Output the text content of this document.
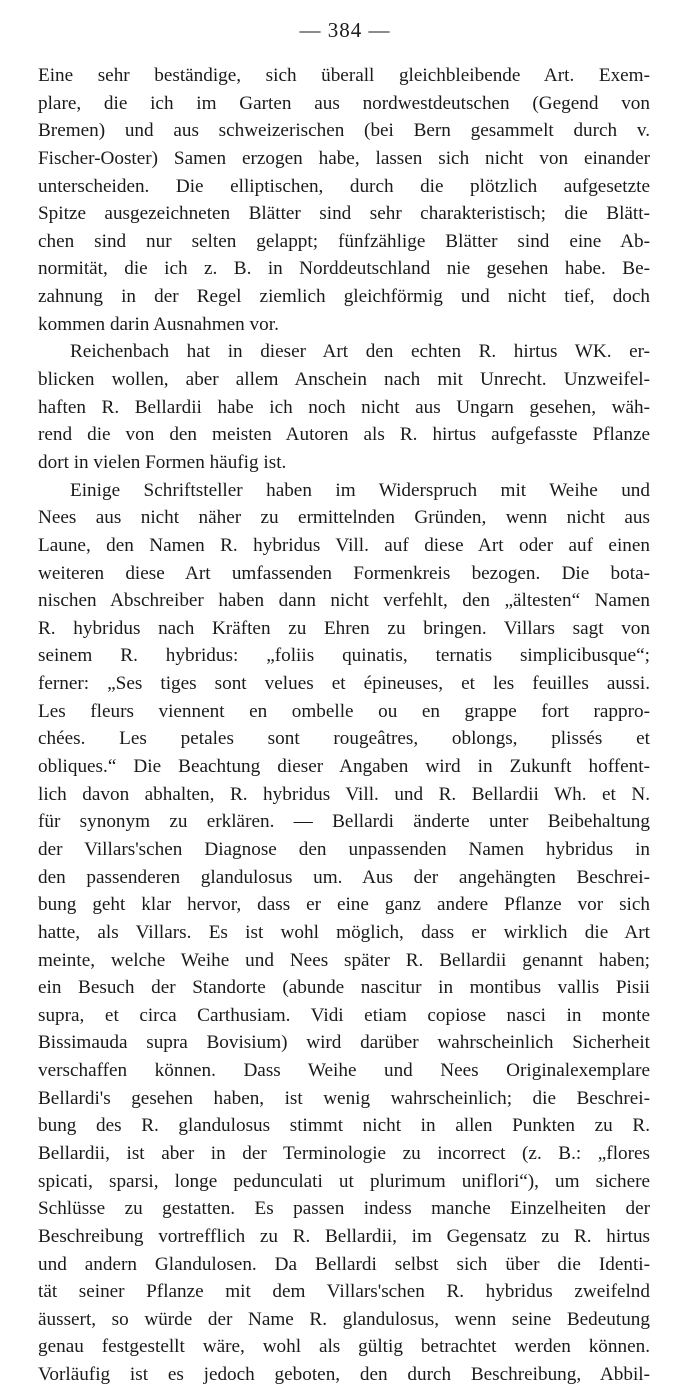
— 384 —
Eine sehr beständige, sich überall gleichbleibende Art. Exem-
plare, die ich im Garten aus nordwestdeutschen (Gegend von
Bremen) und aus schweizerischen (bei Bern gesammelt durch v.
Fischer-Ooster) Samen erzogen habe, lassen sich nicht von einander
unterscheiden. Die elliptischen, durch die plötzlich aufgesetzte
Spitze ausgezeichneten Blätter sind sehr charakteristisch; die Blätt-
chen sind nur selten gelappt; fünfzählige Blätter sind eine Ab-
normität, die ich z. B. in Norddeutschland nie gesehen habe. Be-
zahnung in der Regel ziemlich gleichförmig und nicht tief, doch
kommen darin Ausnahmen vor.
Reichenbach hat in dieser Art den echten R. hirtus WK. er-
blicken wollen, aber allem Anschein nach mit Unrecht. Unzweifel-
haften R. Bellardii habe ich noch nicht aus Ungarn gesehen, wäh-
rend die von den meisten Autoren als R. hirtus aufgefasste Pflanze
dort in vielen Formen häufig ist.
Einige Schriftsteller haben im Widerspruch mit Weihe und
Nees aus nicht näher zu ermittelnden Gründen, wenn nicht aus
Laune, den Namen R. hybridus Vill. auf diese Art oder auf einen
weiteren diese Art umfassenden Formenkreis bezogen. Die bota-
nischen Abschreiber haben dann nicht verfehlt, den „ältesten“ Namen
R. hybridus nach Kräften zu Ehren zu bringen. Villars sagt von
seinem R. hybridus: „foliis quinatis, ternatis simplicibusque“;
ferner: „Ses tiges sont velues et épineuses, et les feuilles aussi.
Les fleurs viennent en ombelle ou en grappe fort rappro-
chées. Les petales sont rougeâtres, oblongs, plissés et
obliques.“ Die Beachtung dieser Angaben wird in Zukunft hoffent-
lich davon abhalten, R. hybridus Vill. und R. Bellardii Wh. et N.
für synonym zu erklären. — Bellardi änderte unter Beibehaltung
der Villars'schen Diagnose den unpassenden Namen hybridus in
den passenderen glandulosus um. Aus der angehängten Beschrei-
bung geht klar hervor, dass er eine ganz andere Pflanze vor sich
hatte, als Villars. Es ist wohl möglich, dass er wirklich die Art
meinte, welche Weihe und Nees später R. Bellardii genannt haben;
ein Besuch der Standorte (abunde nascitur in montibus vallis Pisii
supra, et circa Carthusiam. Vidi etiam copiose nasci in monte
Bissimauda supra Bovisium) wird darüber wahrscheinlich Sicherheit
verschaffen können. Dass Weihe und Nees Originalexemplare
Bellardi's gesehen haben, ist wenig wahrscheinlich; die Beschrei-
bung des R. glandulosus stimmt nicht in allen Punkten zu R.
Bellardii, ist aber in der Terminologie zu incorrect (z. B.: „flores
spicati, sparsi, longe pedunculati ut plurimum uniflori“), um sichere
Schlüsse zu gestatten. Es passen indess manche Einzelheiten der
Beschreibung vortrefflich zu R. Bellardii, im Gegensatz zu R. hirtus
und andern Glandulosen. Da Bellardi selbst sich über die Identi-
tät seiner Pflanze mit dem Villars'schen R. hybridus zweifelnd
äussert, so würde der Name R. glandulosus, wenn seine Bedeutung
genau festgestellt wäre, wohl als gültig betrachtet werden können.
Vorläufig ist es jedoch geboten, den durch Beschreibung, Abbil-
